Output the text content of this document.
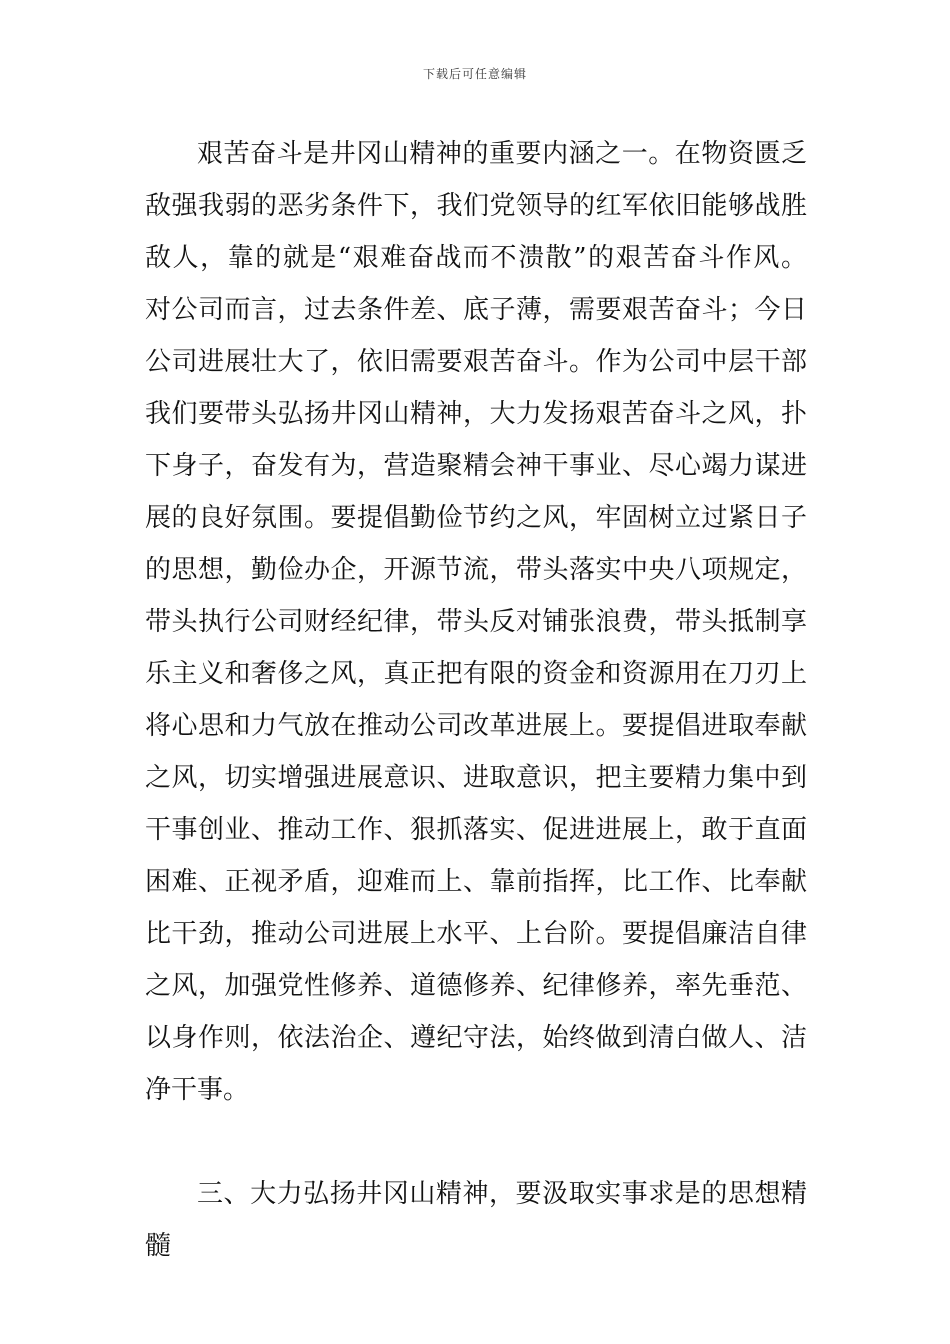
下载后可任意编辑
艰苦奋斗是井冈山精神的重要内涵之一。在物资匮乏
敌强我弱的恶劣条件下，我们党领导的红军依旧能够战胜
敌人，靠的就是“艰难奋战而不溃散”的艰苦奋斗作风。
对公司而言，过去条件差、底子薄，需要艰苦奋斗；今日
公司进展壮大了，依旧需要艰苦奋斗。作为公司中层干部
我们要带头弘扬井冈山精神，大力发扬艰苦奋斗之风，扑
下身子，奋发有为，营造聚精会神干事业、尽心竭力谋进
展的良好氛围。要提倡勤俭节约之风，牢固树立过紧日子
的思想，勤俭办企，开源节流，带头落实中央八项规定，
带头执行公司财经纪律，带头反对铺张浪费，带头抵制享
乐主义和奢侈之风，真正把有限的资金和资源用在刀刃上
将心思和力气放在推动公司改革进展上。要提倡进取奉献
之风，切实增强进展意识、进取意识，把主要精力集中到
干事创业、推动工作、狠抓落实、促进进展上，敢于直面
困难、正视矛盾，迎难而上、靠前指挥，比工作、比奉献
比干劲，推动公司进展上水平、上台阶。要提倡廉洁自律
之风，加强党性修养、道德修养、纪律修养，率先垂范、
以身作则，依法治企、遵纪守法，始终做到清白做人、洁
净干事。
三、大力弘扬井冈山精神，要汲取实事求是的思想精
髓
